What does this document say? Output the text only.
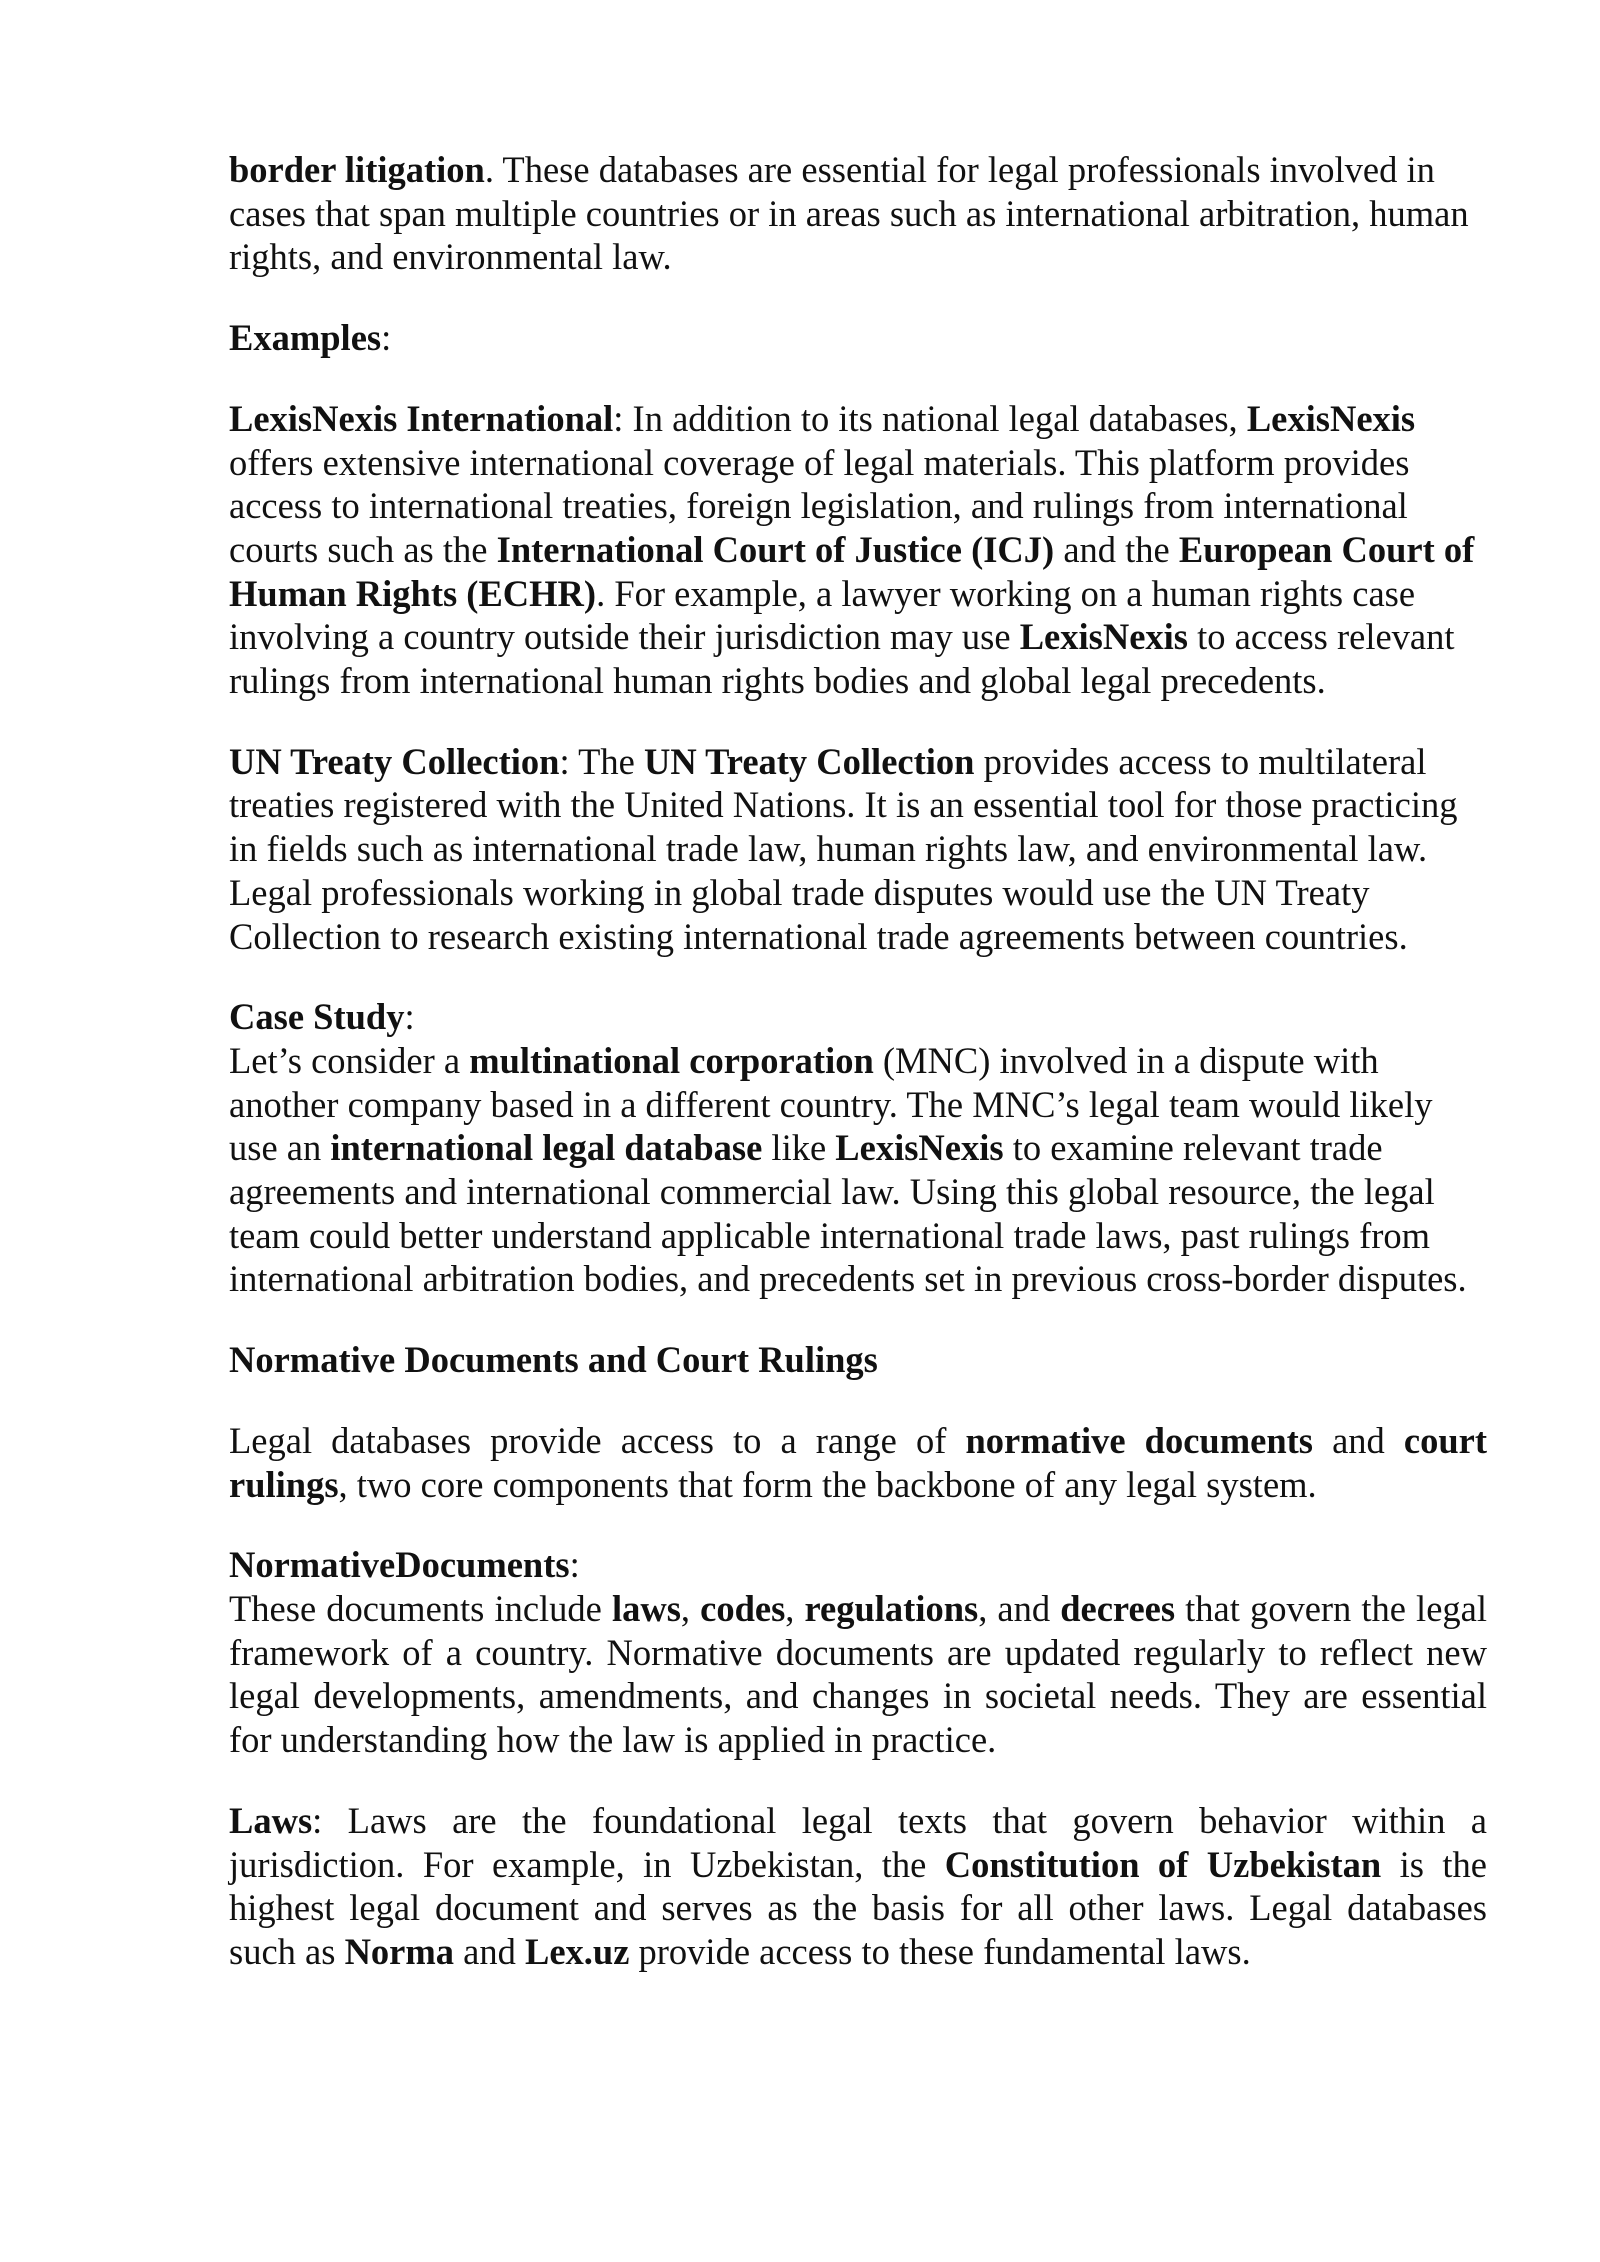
border litigation. These databases are essential for legal professionals involved in cases that span multiple countries or in areas such as international arbitration, human rights, and environmental law.

Examples:

LexisNexis International: In addition to its national legal databases, LexisNexis offers extensive international coverage of legal materials. This platform provides access to international treaties, foreign legislation, and rulings from international courts such as the International Court of Justice (ICJ) and the European Court of Human Rights (ECHR). For example, a lawyer working on a human rights case involving a country outside their jurisdiction may use LexisNexis to access relevant rulings from international human rights bodies and global legal precedents.

UN Treaty Collection: The UN Treaty Collection provides access to multilateral treaties registered with the United Nations. It is an essential tool for those practicing in fields such as international trade law, human rights law, and environmental law. Legal professionals working in global trade disputes would use the UN Treaty Collection to research existing international trade agreements between countries.

Case Study:

Let’s consider a multinational corporation (MNC) involved in a dispute with another company based in a different country. The MNC’s legal team would likely use an international legal database like LexisNexis to examine relevant trade agreements and international commercial law. Using this global resource, the legal team could better understand applicable international trade laws, past rulings from international arbitration bodies, and precedents set in previous cross-border disputes.

Normative Documents and Court Rulings

Legal databases provide access to a range of normative documents and court rulings, two core components that form the backbone of any legal system.

NormativeDocuments:

These documents include laws, codes, regulations, and decrees that govern the legal framework of a country. Normative documents are updated regularly to reflect new legal developments, amendments, and changes in societal needs. They are essential for understanding how the law is applied in practice.

Laws: Laws are the foundational legal texts that govern behavior within a jurisdiction. For example, in Uzbekistan, the Constitution of Uzbekistan is the highest legal document and serves as the basis for all other laws. Legal databases such as Norma and Lex.uz provide access to these fundamental laws.
